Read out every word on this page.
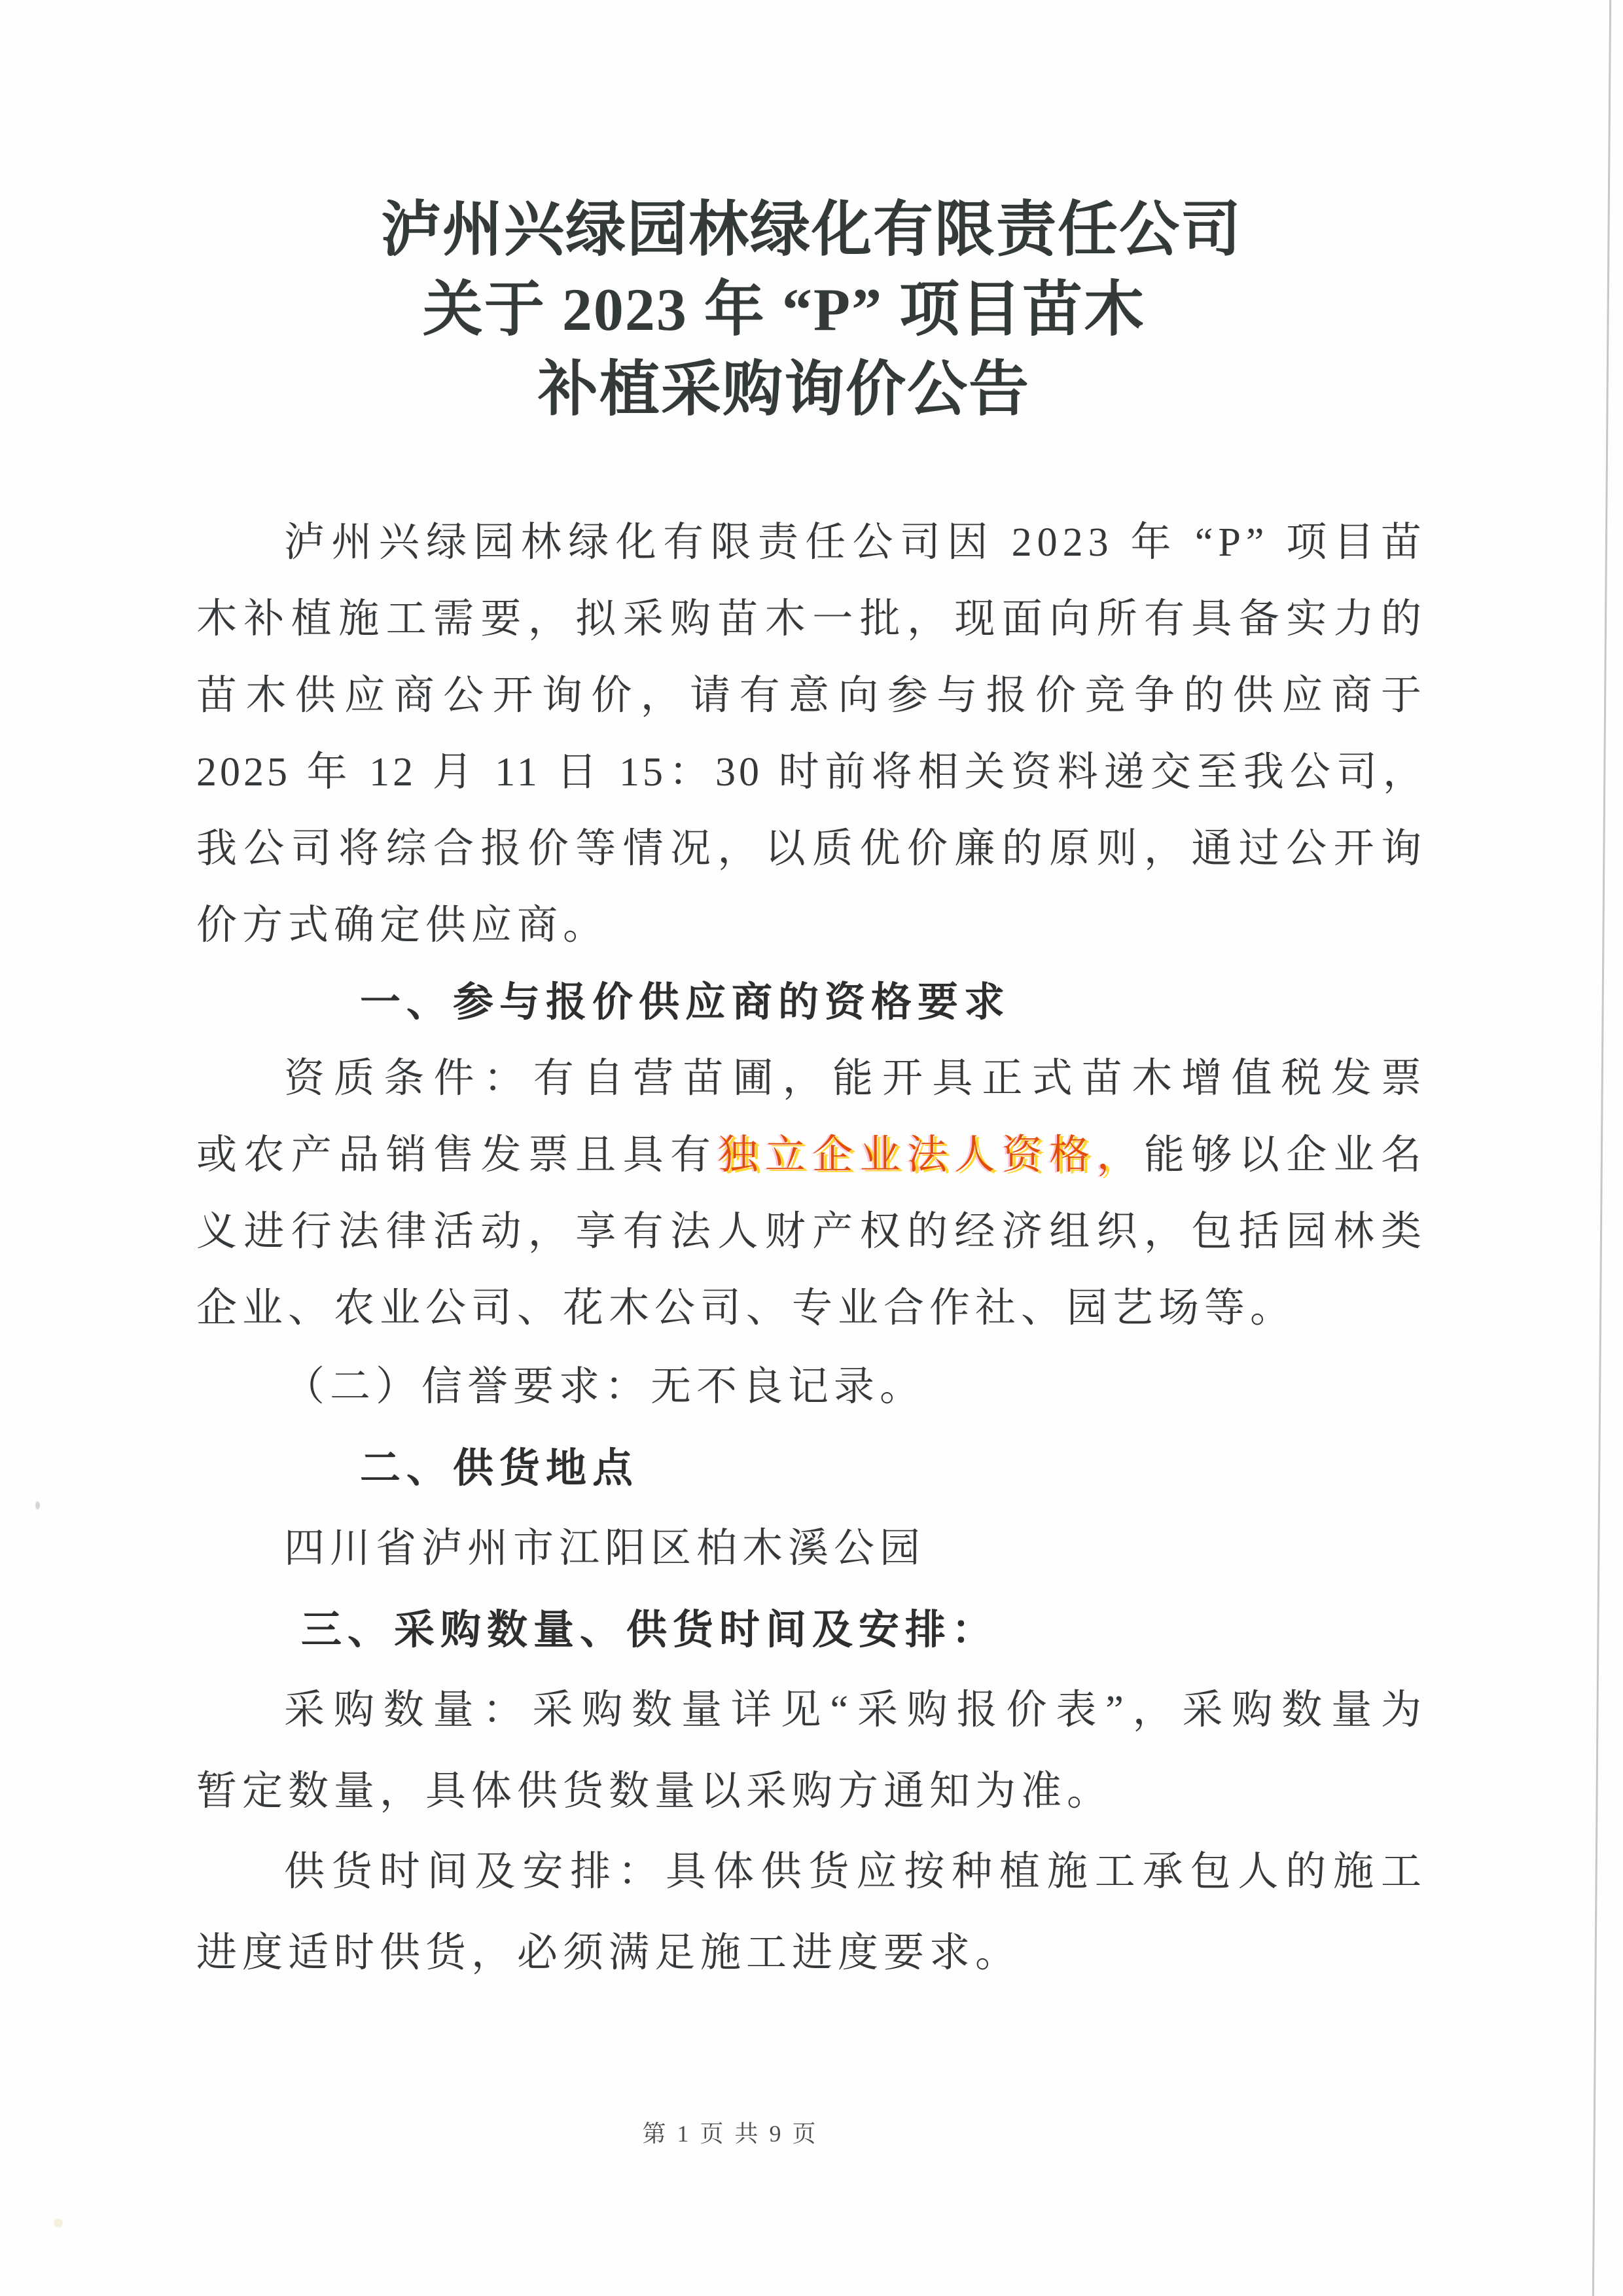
泸州兴绿园林绿化有限责任公司
关于 2023 年 “P” 项目苗木
补植采购询价公告
泸州兴绿园林绿化有限责任公司因 2023 年 “P” 项目苗
木补植施工需要，拟采购苗木一批，现面向所有具备实力的
苗木供应商公开询价，请有意向参与报价竞争的供应商于
2025 年 12 月 11 日 15：30 时前将相关资料递交至我公司，
我公司将综合报价等情况，以质优价廉的原则，通过公开询
价方式确定供应商。
一、参与报价供应商的资格要求
资质条件：有自营苗圃，能开具正式苗木增值税发票
或农产品销售发票且具有独立企业法人资格，能够以企业名
义进行法律活动，享有法人财产权的经济组织，包括园林类
企业、农业公司、花木公司、专业合作社、园艺场等。
（二）信誉要求：无不良记录。
二、供货地点
四川省泸州市江阳区柏木溪公园
三、采购数量、供货时间及安排：
采购数量：采购数量详见“采购报价表”，采购数量为
暂定数量，具体供货数量以采购方通知为准。
供货时间及安排：具体供货应按种植施工承包人的施工
进度适时供货，必须满足施工进度要求。
第 1 页 共 9 页
